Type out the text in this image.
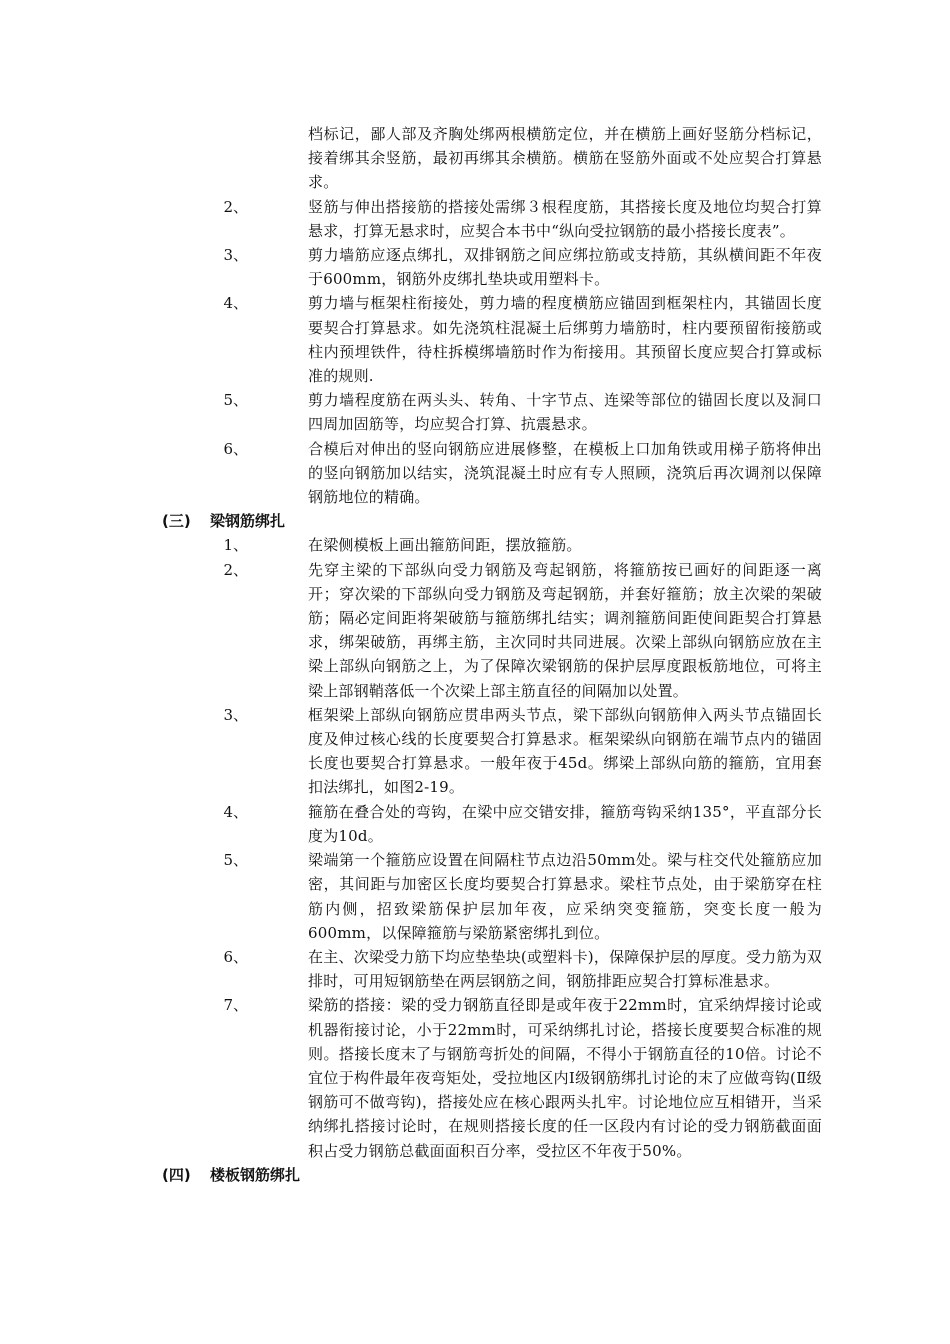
档标记，鄙人部及齐胸处绑两根横筋定位，并在横筋上画好竖筋分档标记，接着绑其余竖筋，最初再绑其余横筋。横筋在竖筋外面或不处应契合打算悬求。
2、	竖筋与伸出搭接筋的搭接处需绑３根程度筋，其搭接长度及地位均契合打算悬求，打算无悬求时，应契合本书中“纵向受拉钢筋的最小搭接长度表”。
3、	剪力墙筋应逐点绑扎，双排钢筋之间应绑拉筋或支持筋，其纵横间距不年夜于600mm，钢筋外皮绑扎垫块或用塑料卡。
4、	剪力墙与框架柱衔接处，剪力墙的程度横筋应锚固到框架柱内，其锚固长度要契合打算悬求。如先浇筑柱混凝土后绑剪力墙筋时，柱内要预留衔接筋或柱内预埋铁件，待柱拆模绑墙筋时作为衔接用。其预留长度应契合打算或标准的规则.
5、	剪力墙程度筋在两头头、转角、十字节点、连梁等部位的锚固长度以及洞口四周加固筋等，均应契合打算、抗震悬求。
6、	合模后对伸出的竖向钢筋应进展修整，在模板上口加角铁或用梯子筋将伸出的竖向钢筋加以结实，浇筑混凝土时应有专人照顾，浇筑后再次调剂以保障钢筋地位的精确。
(三)	梁钢筋绑扎
1、	在梁侧模板上画出箍筋间距，摆放箍筋。
2、	先穿主梁的下部纵向受力钢筋及弯起钢筋，将箍筋按已画好的间距逐一离开；穿次梁的下部纵向受力钢筋及弯起钢筋，并套好箍筋；放主次梁的架破筋；隔必定间距将架破筋与箍筋绑扎结实；调剂箍筋间距使间距契合打算悬求，绑架破筋，再绑主筋，主次同时共同进展。次梁上部纵向钢筋应放在主梁上部纵向钢筋之上，为了保障次梁钢筋的保护层厚度跟板筋地位，可将主梁上部钢鞘落低一个次梁上部主筋直径的间隔加以处置。
3、	框架梁上部纵向钢筋应贯串两头节点，梁下部纵向钢筋伸入两头节点锚固长度及伸过核心线的长度要契合打算悬求。框架梁纵向钢筋在端节点内的锚固长度也要契合打算悬求。一般年夜于45d。绑梁上部纵向筋的箍筋，宜用套扣法绑扎，如图2-19。
4、	箍筋在叠合处的弯钩，在梁中应交错安排，箍筋弯钩采纳135°，平直部分长度为10d。
5、	梁端第一个箍筋应设置在间隔柱节点边沿50mm处。梁与柱交代处箍筋应加密，其间距与加密区长度均要契合打算悬求。梁柱节点处，由于梁筋穿在柱筋内侧，招致梁筋保护层加年夜，应采纳突变箍筋，突变长度一般为600mm，以保障箍筋与梁筋紧密绑扎到位。
6、	在主、次梁受力筋下均应垫垫块(或塑料卡)，保障保护层的厚度。受力筋为双排时，可用短钢筋垫在两层钢筋之间，钢筋排距应契合打算标准悬求。
7、	梁筋的搭接：梁的受力钢筋直径即是或年夜于22mm时，宜采纳焊接讨论或机器衔接讨论，小于22mm时，可采纳绑扎讨论，搭接长度要契合标准的规则。搭接长度末了与钢筋弯折处的间隔，不得小于钢筋直径的10倍。讨论不宜位于构件最年夜弯矩处，受拉地区内Ⅰ级钢筋绑扎讨论的末了应做弯钩(Ⅱ级钢筋可不做弯钩)，搭接处应在核心跟两头扎牢。讨论地位应互相错开，当采纳绑扎搭接讨论时，在规则搭接长度的任一区段内有讨论的受力钢筋截面面积占受力钢筋总截面面积百分率，受拉区不年夜于50%。
(四)	楼板钢筋绑扎
